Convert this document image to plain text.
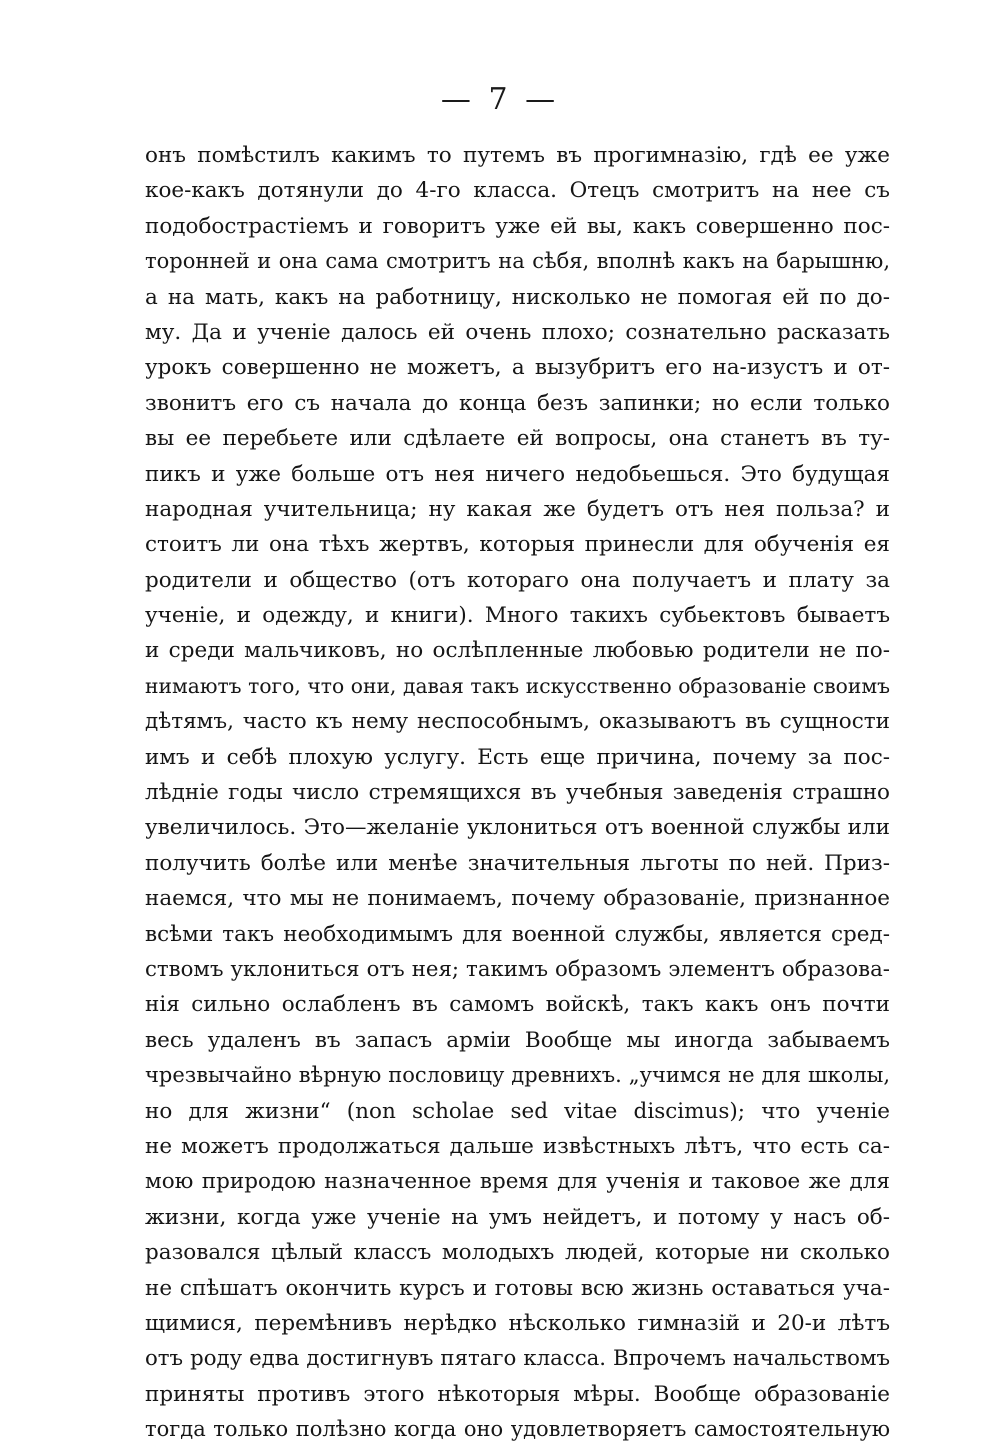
— 7 —
онъ помѣстилъ какимъ то путемъ въ прогимназію, гдѣ ее уже
кое-какъ дотянули до 4-го класса. Отецъ смотритъ на нее съ
подобострастіемъ и говоритъ уже ей вы, какъ совершенно пос-
торонней и она сама смотритъ на сѣбя, вполнѣ какъ на барышню,
а на мать, какъ на работницу, нисколько не помогая ей по до-
му. Да и ученіе далось ей очень плохо; сознательно расказать
урокъ совершенно не можетъ, а вызубритъ его на-изустъ и от-
звонитъ его съ начала до конца безъ запинки; но если только
вы ее перебьете или сдѣлаете ей вопросы, она станетъ въ ту-
пикъ и уже больше отъ нея ничего недобьешься. Это будущая
народная учительница; ну какая же будетъ отъ нея польза? и
стоитъ ли она тѣхъ жертвъ, которыя принесли для обученія ея
родители и общество (отъ котораго она получаетъ и плату за
ученіе, и одежду, и книги). Много такихъ субьектовъ бываетъ
и среди мальчиковъ, но ослѣпленные любовью родители не по-
нимаютъ того, что они, давая такъ искусственно образованіе своимъ
дѣтямъ, часто къ нему неспособнымъ, оказываютъ въ сущности
имъ и себѣ плохую услугу. Есть еще причина, почему за пос-
лѣдніе годы число стремящихся въ учебныя заведенія страшно
увеличилось. Это—желаніе уклониться отъ военной службы или
получить болѣе или менѣе значительныя льготы по ней. Приз-
наемся, что мы не понимаемъ, почему образованіе, признанное
всѣми такъ необходимымъ для военной службы, является сред-
ствомъ уклониться отъ нея; такимъ образомъ элементъ образова-
нія сильно ослабленъ въ самомъ войскѣ, такъ какъ онъ почти
весь удаленъ въ запасъ арміи Вообще мы иногда забываемъ
чрезвычайно вѣрную пословицу древнихъ. „учимся не для школы,
но для жизни“ (non scholae sed vitae discimus); что ученіе
не можетъ продолжаться дальше извѣстныхъ лѣтъ, что есть са-
мою природою назначенное время для ученія и таковое же для
жизни, когда уже ученіе на умъ нейдетъ, и потому у насъ об-
разовался цѣлый классъ молодыхъ людей, которые ни сколько
не спѣшатъ окончить курсъ и готовы всю жизнь оставаться уча-
щимися, перемѣнивъ нерѣдко нѣсколько гимназій и 20-и лѣтъ
отъ роду едва достигнувъ пятаго класса. Впрочемъ начальствомъ
приняты противъ этого нѣкоторыя мѣры. Вообще образованіе
тогда только полѣзно когда оно удовлетворяетъ самостоятельную
